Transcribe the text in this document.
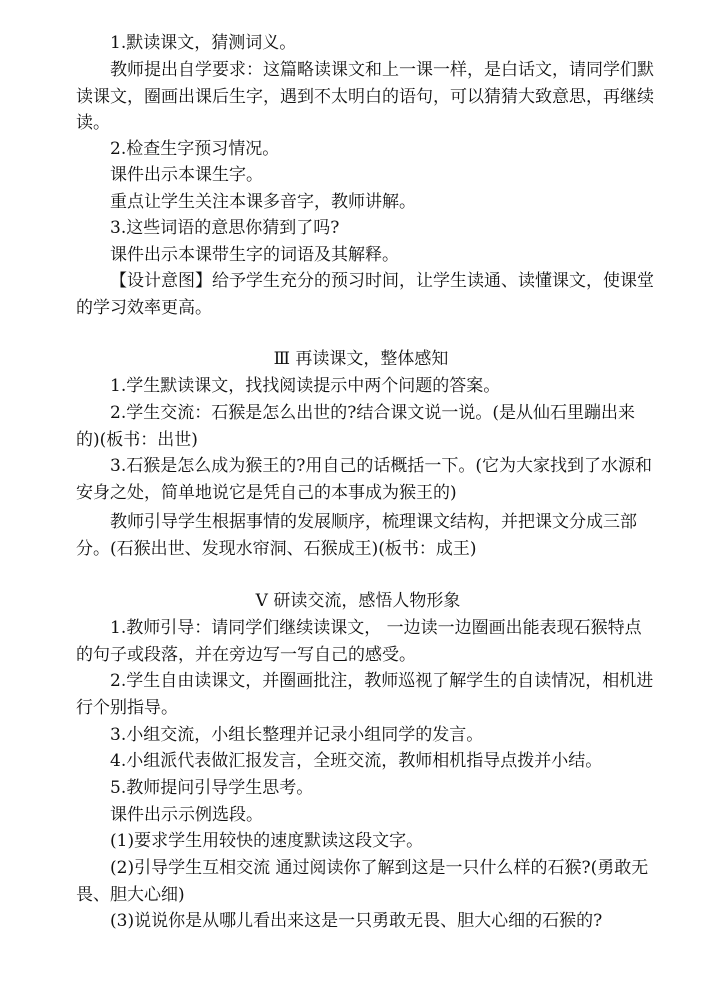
1.默读课文，猜测词义。
教师提出自学要求：这篇略读课文和上一课一样，是白话文，请同学们默读课文，圈画出课后生字，遇到不太明白的语句，可以猜猜大致意思，再继续读。
2.检查生字预习情况。
课件出示本课生字。
重点让学生关注本课多音字，教师讲解。
3.这些词语的意思你猜到了吗?
课件出示本课带生字的词语及其解释。
【设计意图】给予学生充分的预习时间，让学生读通、读懂课文，使课堂的学习效率更高。
Ⅲ 再读课文，整体感知
1.学生默读课文，找找阅读提示中两个问题的答案。
2.学生交流：石猴是怎么出世的?结合课文说一说。(是从仙石里蹦出来的)(板书：出世)
3.石猴是怎么成为猴王的?用自己的话概括一下。(它为大家找到了水源和安身之处，简单地说它是凭自己的本事成为猴王的)
教师引导学生根据事情的发展顺序，梳理课文结构，并把课文分成三部分。(石猴出世、发现水帘洞、石猴成王)(板书：成王)
Ⅴ 研读交流，感悟人物形象
1.教师引导：请同学们继续读课文， 一边读一边圈画出能表现石猴特点的句子或段落，并在旁边写一写自己的感受。
2.学生自由读课文，并圈画批注，教师巡视了解学生的自读情况，相机进行个别指导。
3.小组交流，小组长整理并记录小组同学的发言。
4.小组派代表做汇报发言，全班交流，教师相机指导点拨并小结。
5.教师提问引导学生思考。
课件出示示例选段。
(1)要求学生用较快的速度默读这段文字。
(2)引导学生互相交流 通过阅读你了解到这是一只什么样的石猴?(勇敢无畏、胆大心细)
(3)说说你是从哪儿看出来这是一只勇敢无畏、胆大心细的石猴的?
